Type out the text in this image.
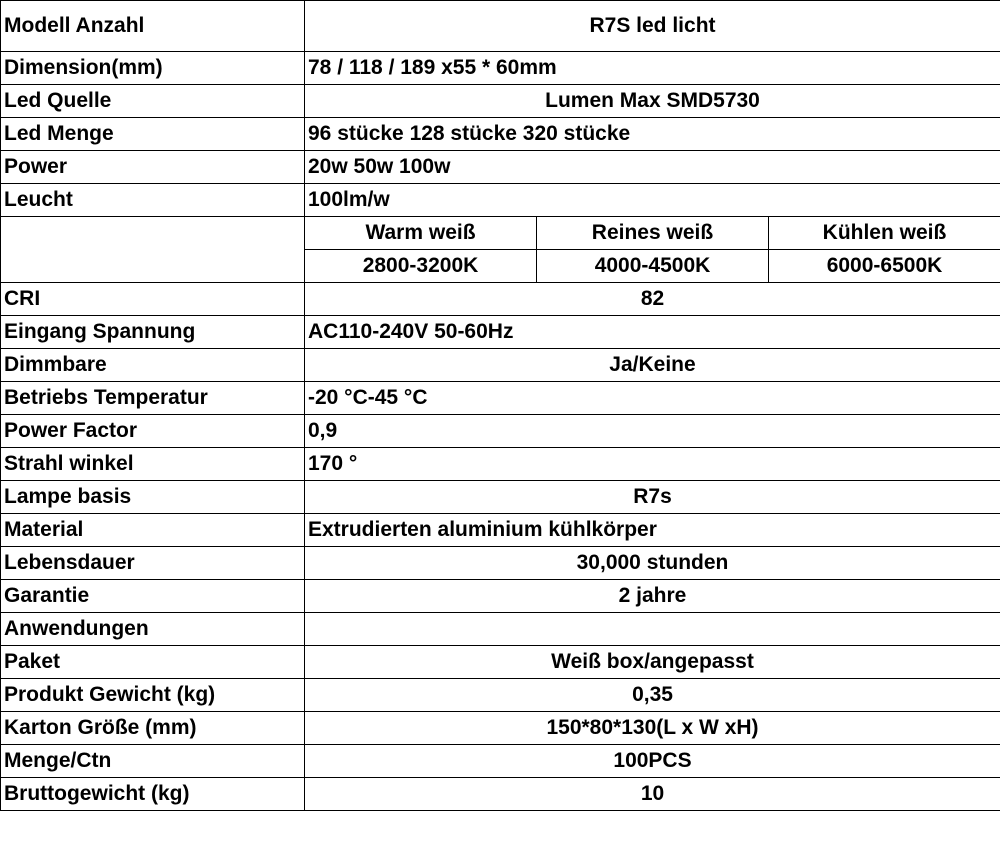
Modell Anzahl	R7S led licht		
Dimension(mm)	78 / 118 / 189 x55 * 60mm		
Led Quelle	Lumen Max SMD5730		
Led Menge	96 stücke 128 stücke 320 stücke		
Power	20w 50w 100w		
Leucht	100lm/w		
	Warm weiß	Reines weiß	Kühlen weiß
	2800-3200K	4000-4500K	6000-6500K
CRI	82		
Eingang Spannung	AC110-240V 50-60Hz		
Dimmbare	Ja/Keine		
Betriebs Temperatur	-20 °C-45 °C		
Power Factor	0,9		
Strahl winkel	170 °		
Lampe basis	R7s		
Material	Extrudierten aluminium kühlkörper		
Lebensdauer	30,000 stunden		
Garantie	2 jahre		
Anwendungen			
Paket	Weiß box/angepasst		
Produkt Gewicht (kg)	0,35		
Karton Größe (mm)	150*80*130(L x W xH)		
Menge/Ctn	100PCS		
Bruttogewicht (kg)	10		
